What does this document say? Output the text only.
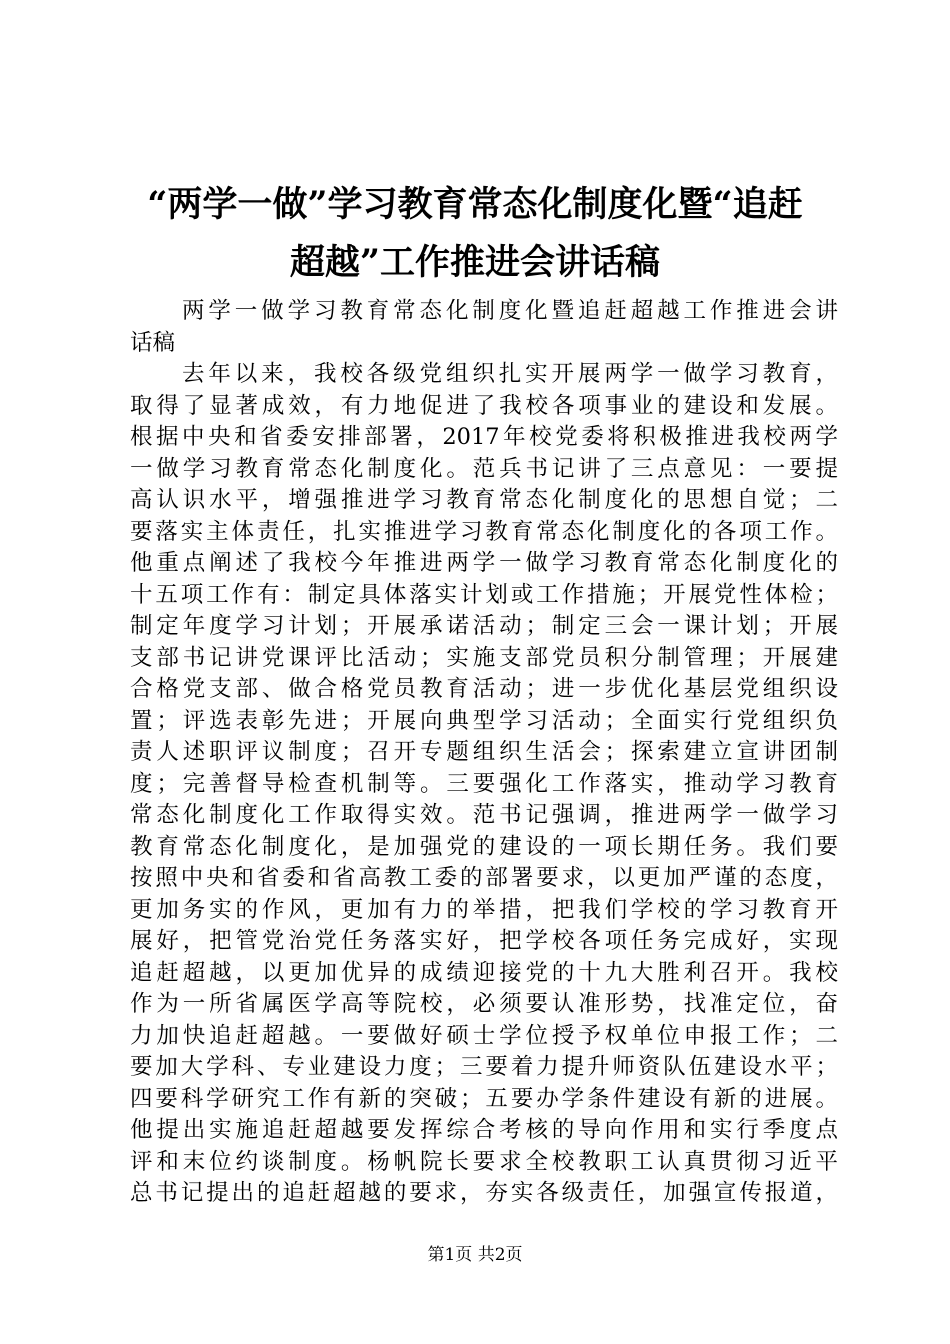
“两学一做”学习教育常态化制度化暨“追赶
超越”工作推进会讲话稿
两学一做学习教育常态化制度化暨追赶超越工作推进会讲
话稿
去年以来，我校各级党组织扎实开展两学一做学习教育，
取得了显著成效，有力地促进了我校各项事业的建设和发展。
根据中央和省委安排部署，2017年校党委将积极推进我校两学
一做学习教育常态化制度化。范兵书记讲了三点意见：一要提
高认识水平，增强推进学习教育常态化制度化的思想自觉；二
要落实主体责任，扎实推进学习教育常态化制度化的各项工作。
他重点阐述了我校今年推进两学一做学习教育常态化制度化的
十五项工作有：制定具体落实计划或工作措施；开展党性体检；
制定年度学习计划；开展承诺活动；制定三会一课计划；开展
支部书记讲党课评比活动；实施支部党员积分制管理；开展建
合格党支部、做合格党员教育活动；进一步优化基层党组织设
置；评选表彰先进；开展向典型学习活动；全面实行党组织负
责人述职评议制度；召开专题组织生活会；探索建立宣讲团制
度；完善督导检查机制等。三要强化工作落实，推动学习教育
常态化制度化工作取得实效。范书记强调，推进两学一做学习
教育常态化制度化，是加强党的建设的一项长期任务。我们要
按照中央和省委和省高教工委的部署要求，以更加严谨的态度，
更加务实的作风，更加有力的举措，把我们学校的学习教育开
展好，把管党治党任务落实好，把学校各项任务完成好，实现
追赶超越，以更加优异的成绩迎接党的十九大胜利召开。我校
作为一所省属医学高等院校，必须要认准形势，找准定位，奋
力加快追赶超越。一要做好硕士学位授予权单位申报工作；二
要加大学科、专业建设力度；三要着力提升师资队伍建设水平；
四要科学研究工作有新的突破；五要办学条件建设有新的进展。
他提出实施追赶超越要发挥综合考核的导向作用和实行季度点
评和末位约谈制度。杨帆院长要求全校教职工认真贯彻习近平
总书记提出的追赶超越的要求，夯实各级责任，加强宣传报道，
第1页 共2页
